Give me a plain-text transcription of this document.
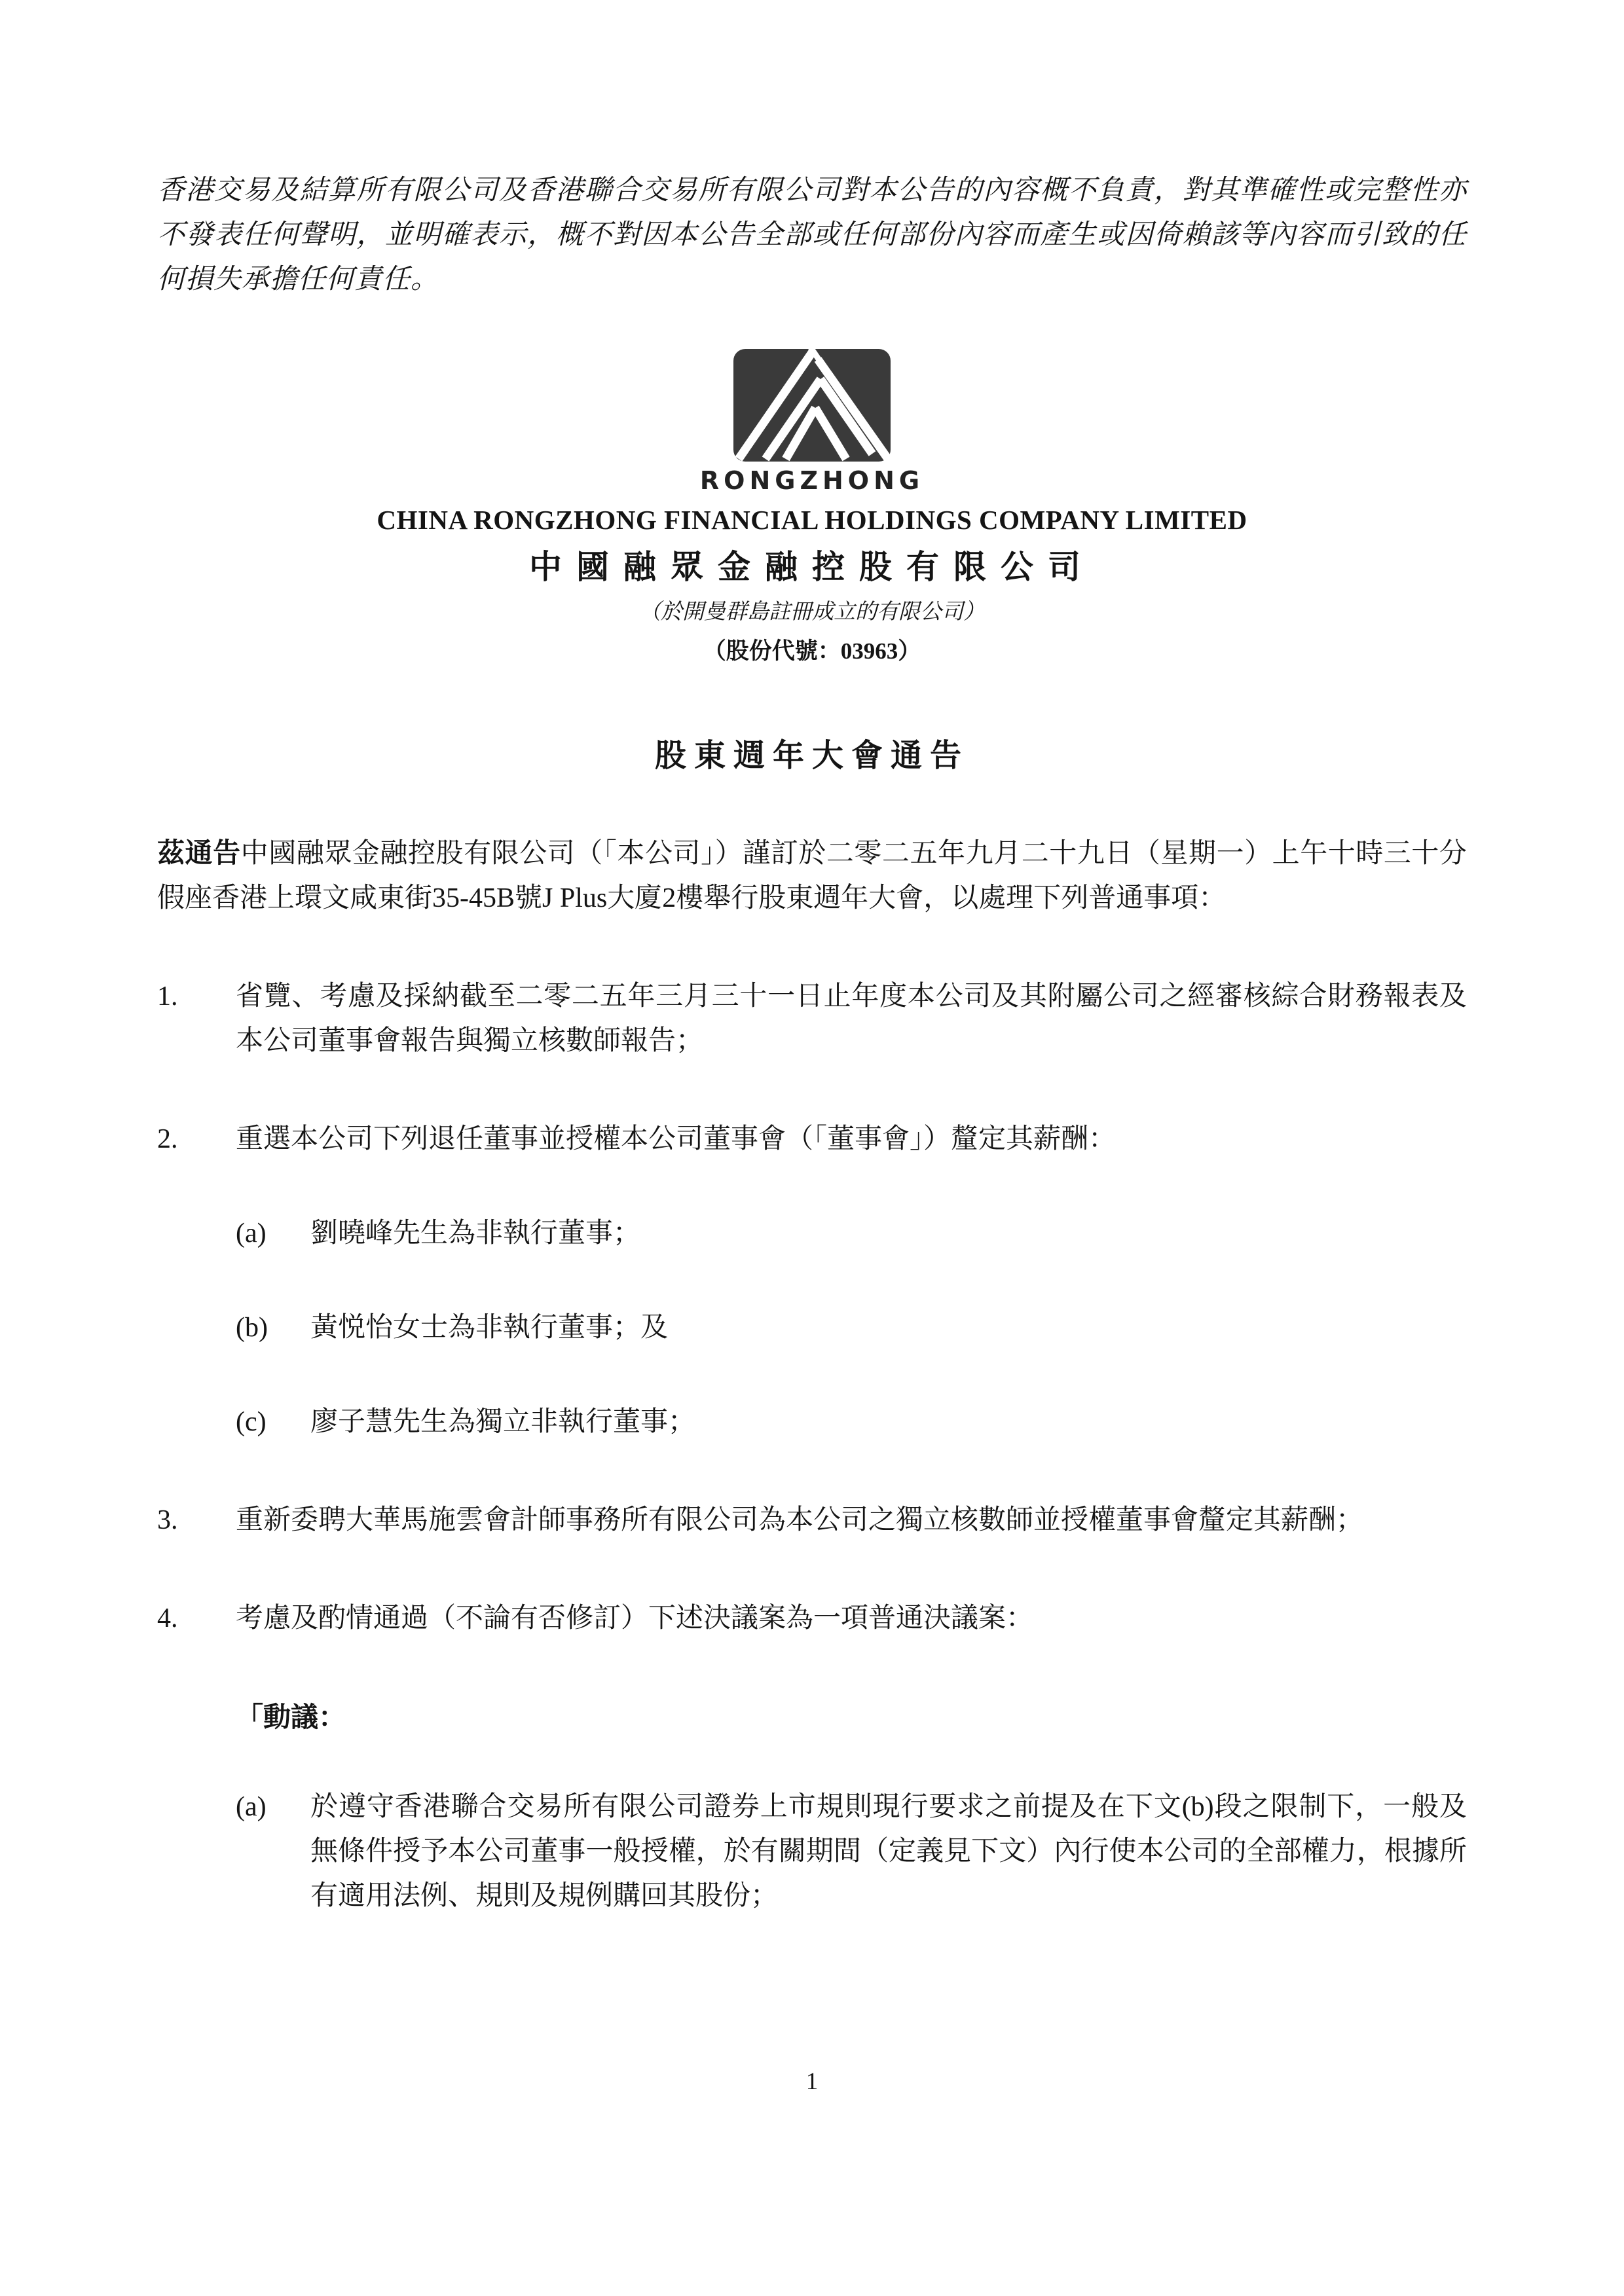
香港交易及結算所有限公司及香港聯合交易所有限公司對本公告的內容概不負責，對其準確性或完整性亦不發表任何聲明，並明確表示，概不對因本公告全部或任何部份內容而產生或因倚賴該等內容而引致的任何損失承擔任何責任。

RONGZHONG
CHINA RONGZHONG FINANCIAL HOLDINGS COMPANY LIMITED
中國融眾金融控股有限公司
（於開曼群島註冊成立的有限公司）
（股份代號：03963）
股東週年大會通告

茲通告中國融眾金融控股有限公司（「本公司」）謹訂於二零二五年九月二十九日（星期一）上午十時三十分假座香港上環文咸東街35-45B號J Plus大廈2樓舉行股東週年大會，以處理下列普通事項：

1.	省覽、考慮及採納截至二零二五年三月三十一日止年度本公司及其附屬公司之經審核綜合財務報表及本公司董事會報告與獨立核數師報告；
2.	重選本公司下列退任董事並授權本公司董事會（「董事會」）釐定其薪酬：
(a)	劉曉峰先生為非執行董事；
(b)	黃悦怡女士為非執行董事；及
(c)	廖子慧先生為獨立非執行董事；
3.	重新委聘大華馬施雲會計師事務所有限公司為本公司之獨立核數師並授權董事會釐定其薪酬；
4.	考慮及酌情通過（不論有否修訂）下述決議案為一項普通決議案：
「動議：
(a)	於遵守香港聯合交易所有限公司證券上市規則現行要求之前提及在下文(b)段之限制下，一般及無條件授予本公司董事一般授權，於有關期間（定義見下文）內行使本公司的全部權力，根據所有適用法例、規則及規例購回其股份；
1
